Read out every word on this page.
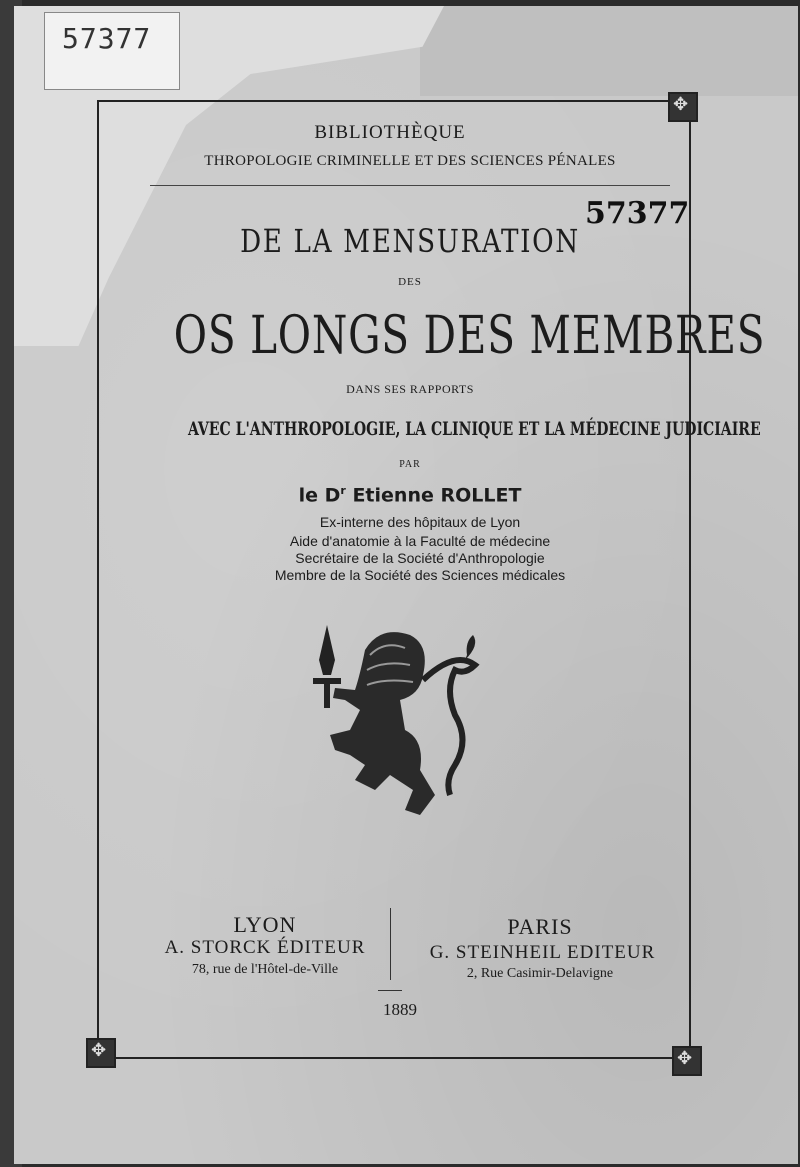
57377
✥
✥
✥
BIBLIOTHÈQUE
THROPOLOGIE CRIMINELLE ET DES SCIENCES PÉNALES
57377
DE LA MENSURATION
DES
OS LONGS DES MEMBRES
DANS SES RAPPORTS
AVEC L'ANTHROPOLOGIE, LA CLINIQUE ET LA MÉDECINE JUDICIAIRE
PAR
le $D^r$ Etienne ROLLET
Ex-interne des hôpitaux de Lyon
Aide d'anatomie à la Faculté de médecine
Secrétaire de la Société d'Anthropologie
Membre de la Société des Sciences médicales
LYON
A. STORCK ÉDITEUR
78, rue de l'Hôtel-de-Ville
PARIS
G. STEINHEIL EDITEUR
2, Rue Casimir-Delavigne
1889
